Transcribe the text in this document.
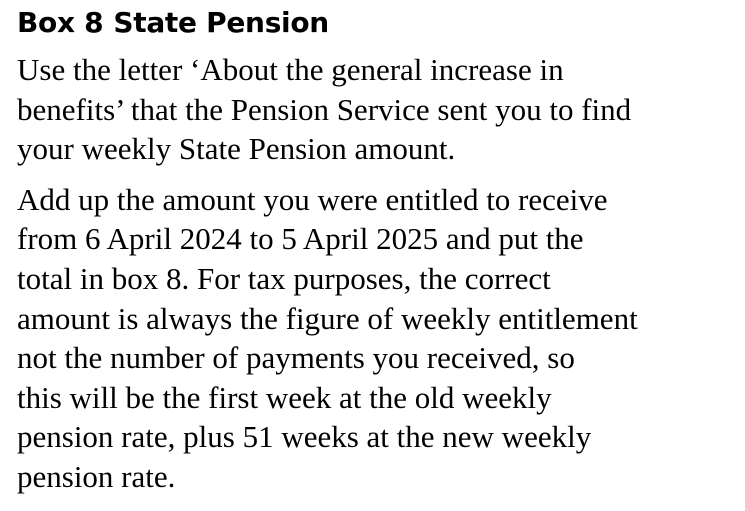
Box 8 State Pension

Use the letter ‘About the general increase in
benefits’ that the Pension Service sent you to find
your weekly State Pension amount.

Add up the amount you were entitled to receive
from 6 April 2024 to 5 April 2025 and put the
total in box 8. For tax purposes, the correct
amount is always the figure of weekly entitlement
not the number of payments you received, so
this will be the first week at the old weekly
pension rate, plus 51 weeks at the new weekly
pension rate.
